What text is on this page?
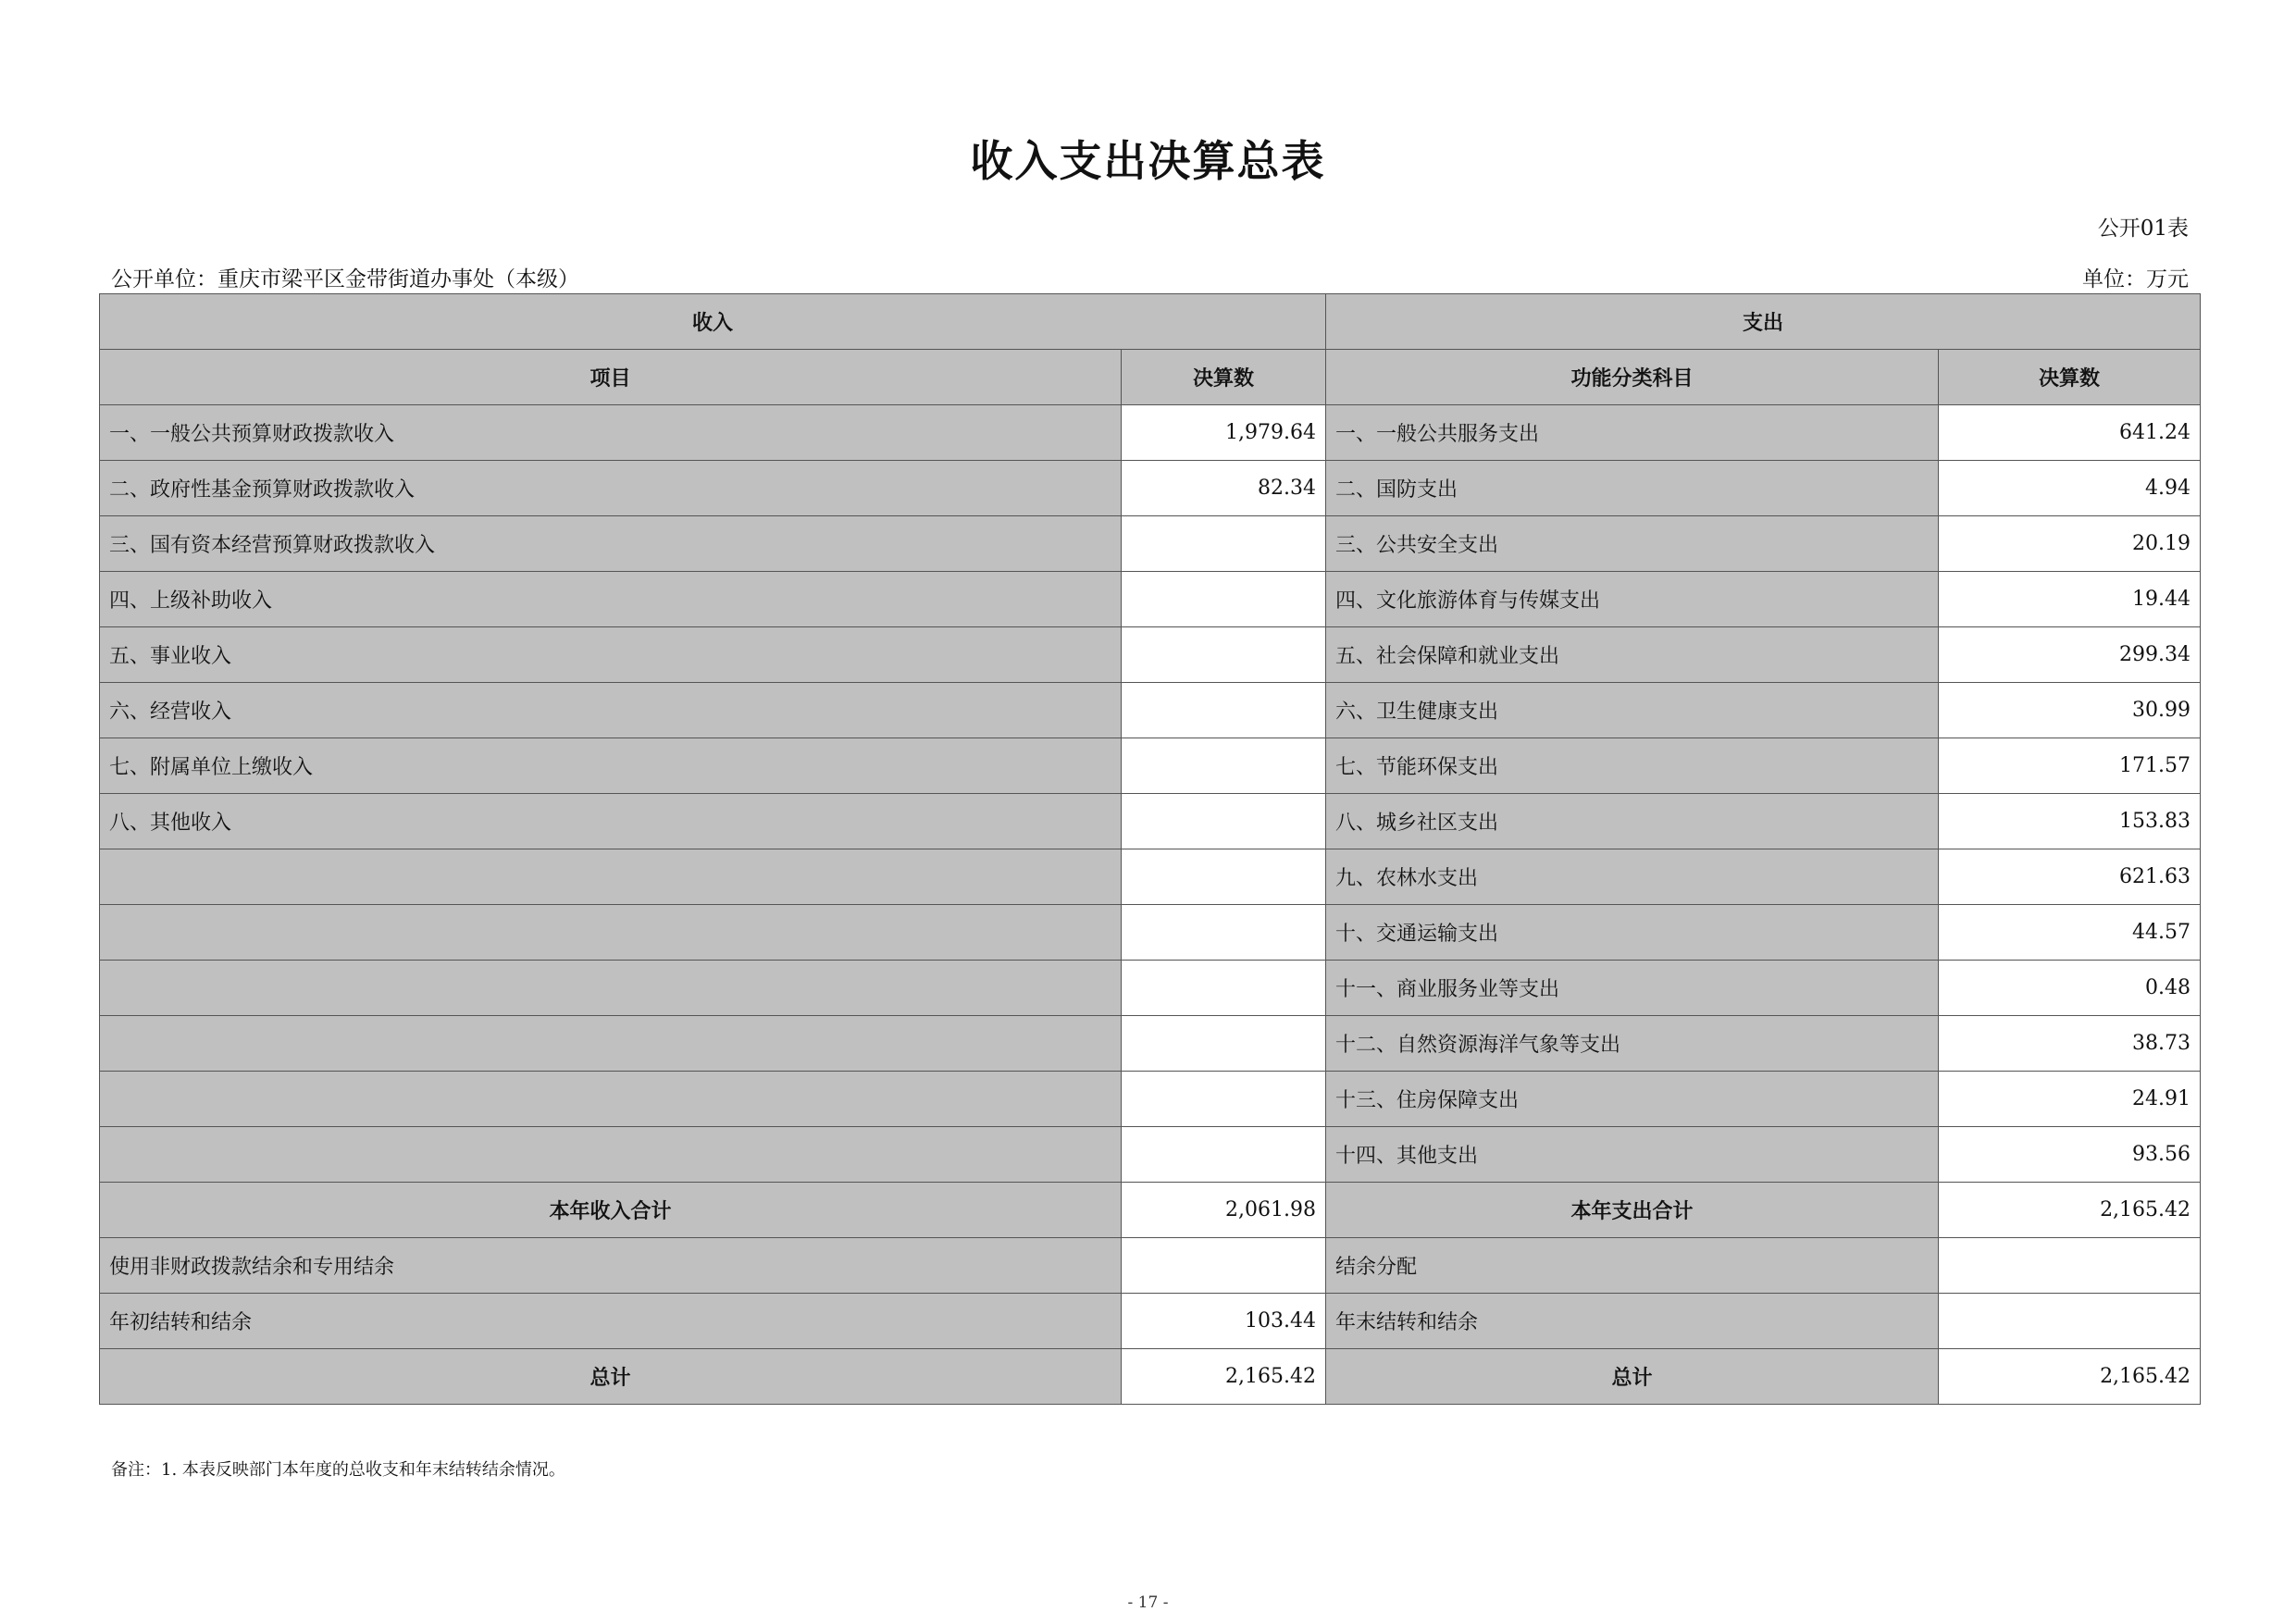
收入支出决算总表
公开01表
公开单位：重庆市梁平区金带街道办事处（本级）	单位：万元
收入		支出	
项目	决算数	功能分类科目	决算数
一、一般公共预算财政拨款收入	1,979.64	一、一般公共服务支出	641.24
二、政府性基金预算财政拨款收入	82.34	二、国防支出	4.94
三、国有资本经营预算财政拨款收入		三、公共安全支出	20.19
四、上级补助收入		四、文化旅游体育与传媒支出	19.44
五、事业收入		五、社会保障和就业支出	299.34
六、经营收入		六、卫生健康支出	30.99
七、附属单位上缴收入		七、节能环保支出	171.57
八、其他收入		八、城乡社区支出	153.83
		九、农林水支出	621.63
		十、交通运输支出	44.57
		十一、商业服务业等支出	0.48
		十二、自然资源海洋气象等支出	38.73
		十三、住房保障支出	24.91
		十四、其他支出	93.56
本年收入合计	2,061.98	本年支出合计	2,165.42
使用非财政拨款结余和专用结余		结余分配	
年初结转和结余	103.44	年末结转和结余	
总计	2,165.42	总计	2,165.42
备注：1. 本表反映部门本年度的总收支和年末结转结余情况。
- 17 -
